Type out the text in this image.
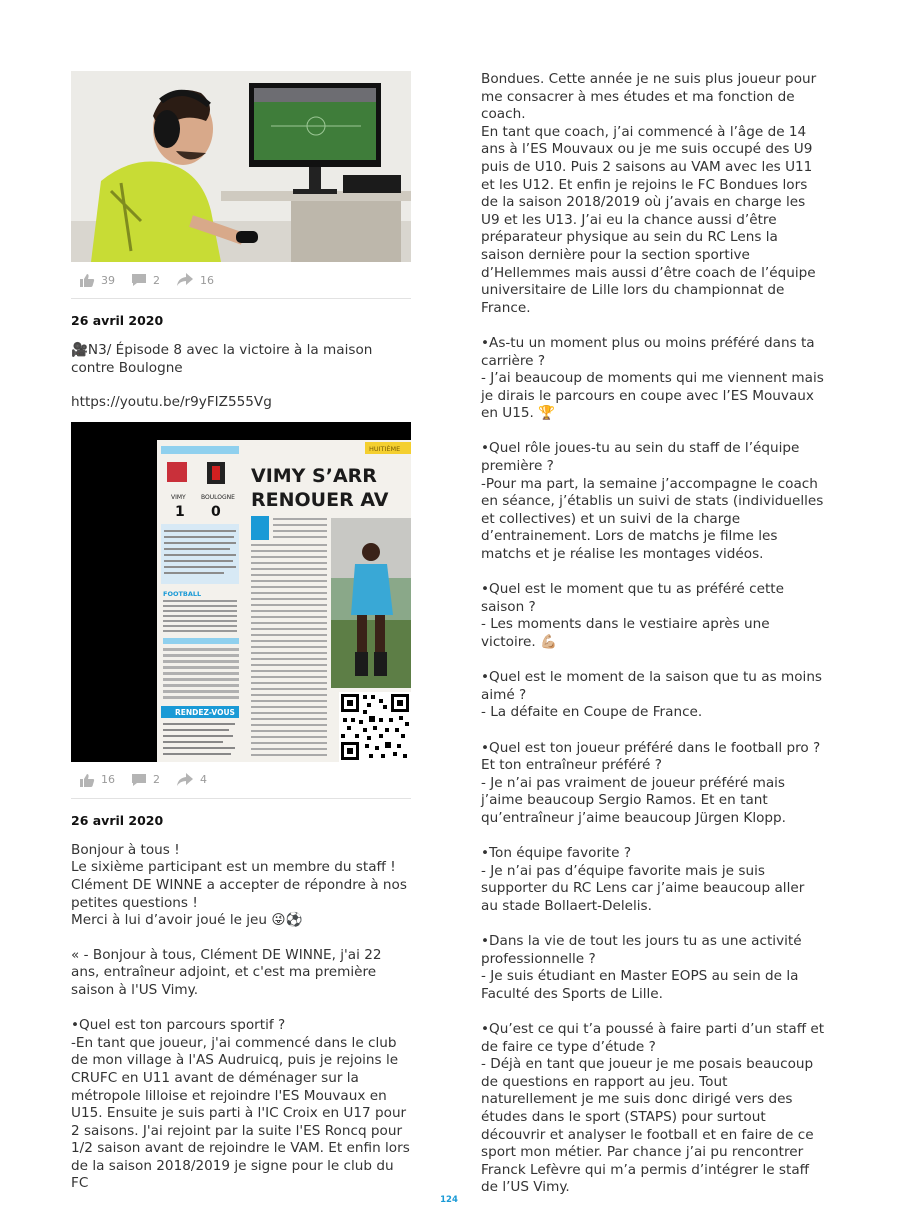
39	2	16
26 avril 2020

🎥N3/ Épisode 8 avec la victoire à la maison contre Boulogne

https://youtu.be/r9yFIZ555Vg

VIMY	BOULOGNE
1 0
FOOTBALL
RENDEZ-VOUS
HUITIÈME
VIMY S’ARR
RENOUER AV
16	2	4
26 avril 2020

Bonjour à tous !
Le sixième participant est un membre du staff !
Clément DE WINNE a accepter de répondre à nos petites questions !
Merci à lui d’avoir joué le jeu 😜⚽

« - Bonjour à tous, Clément DE WINNE, j'ai 22 ans, entraîneur adjoint, et c'est ma première saison à l'US Vimy.

•Quel est ton parcours sportif ?
-En tant que joueur, j'ai commencé dans le club de mon village à l'AS Audruicq, puis je rejoins le CRUFC en U11 avant de déménager sur la métropole lilloise et rejoindre l'ES Mouvaux en U15. Ensuite je suis parti à l'IC Croix en U17 pour 2 saisons. J'ai rejoint par la suite l'ES Roncq pour 1/2 saison avant de rejoindre le VAM. Et enfin lors de la saison 2018/2019 je signe pour le club du FC

Bondues. Cette année je ne suis plus joueur pour me consacrer à mes études et ma fonction de coach.
En tant que coach, j’ai commencé à l’âge de 14 ans à l’ES Mouvaux ou je me suis occupé des U9 puis de U10. Puis 2 saisons au VAM avec les U11 et les U12. Et enfin je rejoins le FC Bondues lors de la saison 2018/2019 où j’avais en charge les U9 et les U13. J’ai eu la chance aussi d’être préparateur physique au sein du RC Lens la saison dernière pour la section sportive d’Hellemmes mais aussi d’être coach de l’équipe universitaire de Lille lors du championnat de France.

•As-tu un moment plus ou moins préféré dans ta carrière ?
- J’ai beaucoup de moments qui me viennent mais je dirais le parcours en coupe avec l’ES Mouvaux en U15. 🏆

•Quel rôle joues-tu au sein du staff de l’équipe première ?
-Pour ma part, la semaine j’accompagne le coach en séance, j’établis un suivi de stats (individuelles et collectives) et un suivi de la charge d’entrainement. Lors de matchs je filme les matchs et je réalise les montages vidéos.

•Quel est le moment que tu as préféré cette saison ?
- Les moments dans le vestiaire après une victoire. 💪🏼

•Quel est le moment de la saison que tu as moins aimé ?
- La défaite en Coupe de France.

•Quel est ton joueur préféré dans le football pro ? Et ton entraîneur préféré ?
- Je n’ai pas vraiment de joueur préféré mais j’aime beaucoup Sergio Ramos. Et en tant qu’entraîneur j’aime beaucoup Jürgen Klopp.

•Ton équipe favorite ?
- Je n’ai pas d’équipe favorite mais je suis supporter du RC Lens car j’aime beaucoup aller au stade Bollaert-Delelis.

•Dans la vie de tout les jours tu as une activité professionnelle ?
- Je suis étudiant en Master EOPS au sein de la Faculté des Sports de Lille.

•Qu’est ce qui t’a poussé à faire parti d’un staff et de faire ce type d’étude ?
- Déjà en tant que joueur je me posais beaucoup de questions en rapport au jeu. Tout naturellement je me suis donc dirigé vers des études dans le sport (STAPS) pour surtout découvrir et analyser le football et en faire de ce sport mon métier. Par chance j’ai pu rencontrer Franck Lefèvre qui m’a permis d’intégrer le staff de l’US Vimy.

124
